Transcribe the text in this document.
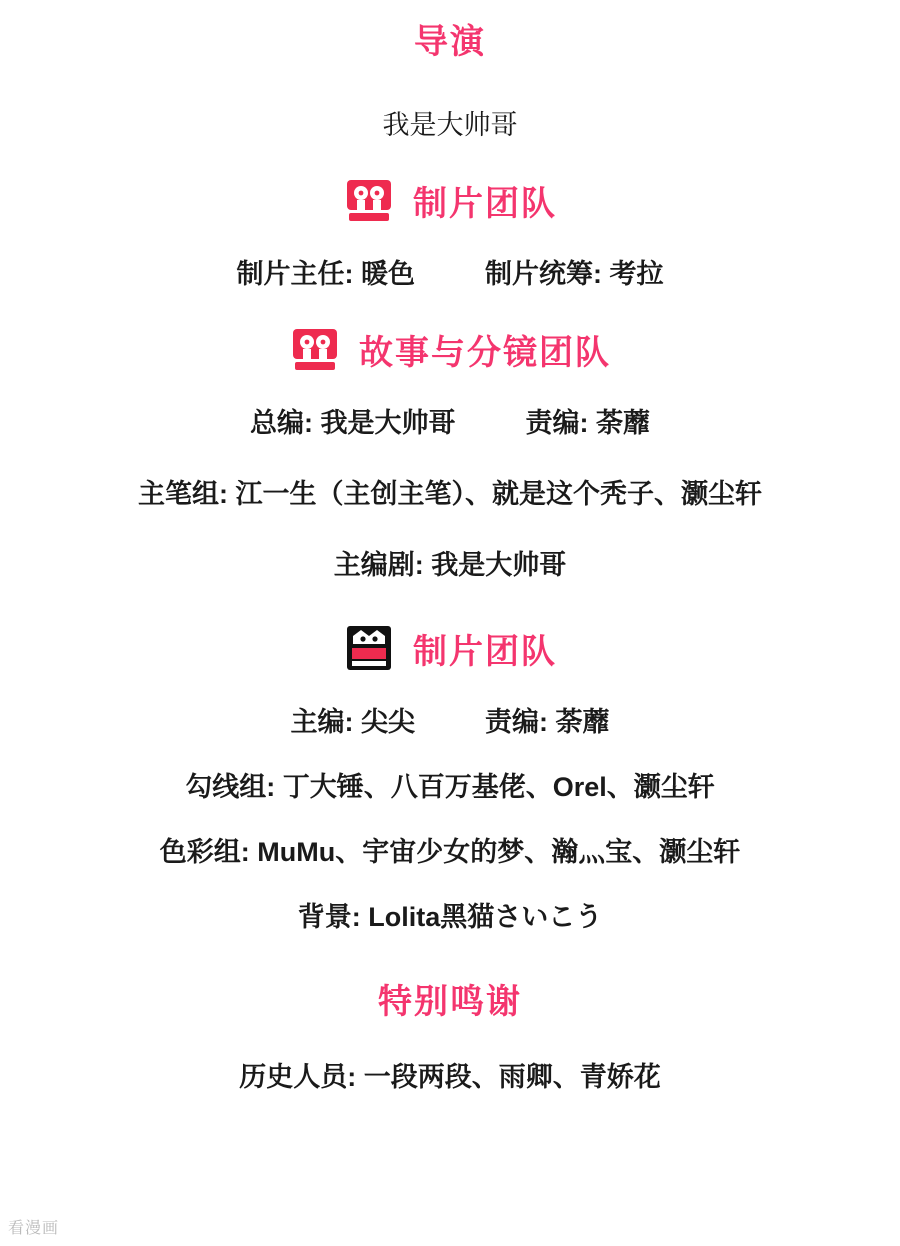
导演
我是大帅哥
制片团队
制片主任: 暖色	制片统筹: 考拉
故事与分镜团队
总编: 我是大帅哥	责编: 荼蘼
主笔组: 江一生（主创主笔）、就是这个秃子、灏尘轩
主编剧: 我是大帅哥
制片团队
主编: 尖尖	责编: 荼蘼
勾线组: 丁大锤、八百万基佬、Orel、灏尘轩
色彩组: MuMu、宇宙少女的梦、瀚灬宝、灏尘轩
背景: Lolita黑猫さいこう
特别鸣谢
历史人员: 一段两段、雨卿、青娇花
看漫画
